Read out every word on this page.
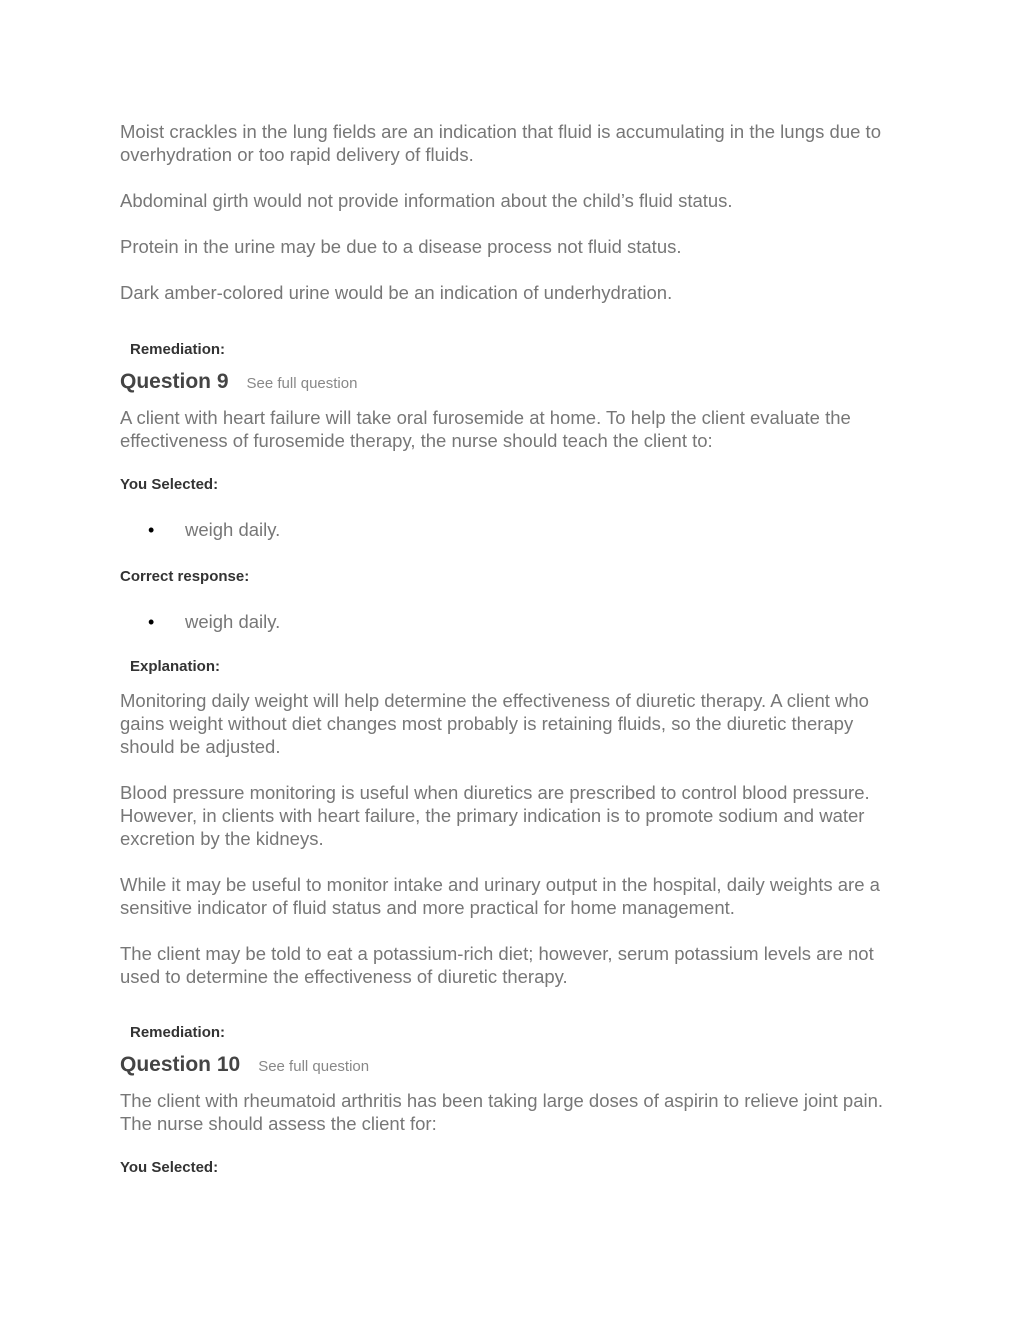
Moist crackles in the lung fields are an indication that fluid is accumulating in the lungs due to overhydration or too rapid delivery of fluids.

Abdominal girth would not provide information about the child’s fluid status.

Protein in the urine may be due to a disease process not fluid status.

Dark amber-colored urine would be an indication of underhydration.

Remediation:
Question 9 See full question

A client with heart failure will take oral furosemide at home. To help the client evaluate the effectiveness of furosemide therapy, the nurse should teach the client to:

You Selected:
•	weigh daily.
Correct response:
•	weigh daily.
Explanation:

Monitoring daily weight will help determine the effectiveness of diuretic therapy. A client who gains weight without diet changes most probably is retaining fluids, so the diuretic therapy should be adjusted.

Blood pressure monitoring is useful when diuretics are prescribed to control blood pressure. However, in clients with heart failure, the primary indication is to promote sodium and water excretion by the kidneys.

While it may be useful to monitor intake and urinary output in the hospital, daily weights are a sensitive indicator of fluid status and more practical for home management.

The client may be told to eat a potassium-rich diet; however, serum potassium levels are not used to determine the effectiveness of diuretic therapy.

Remediation:
Question 10 See full question

The client with rheumatoid arthritis has been taking large doses of aspirin to relieve joint pain. The nurse should assess the client for:

You Selected:
